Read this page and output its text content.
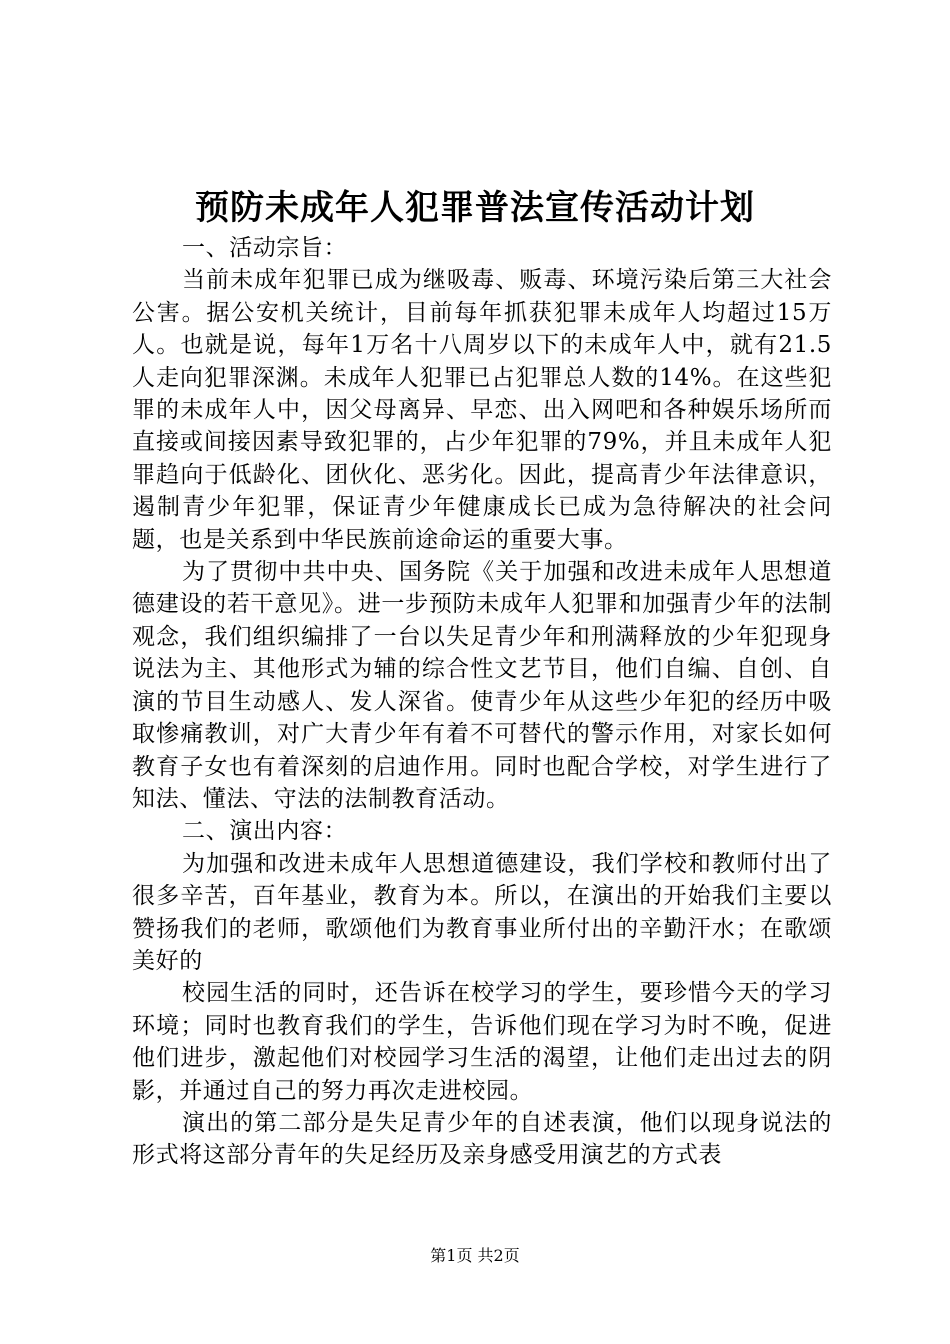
预防未成年人犯罪普法宣传活动计划

一、活动宗旨：

当前未成年犯罪已成为继吸毒、贩毒、环境污染后第三大社会公害。据公安机关统计，目前每年抓获犯罪未成年人均超过15万人。也就是说，每年1万名十八周岁以下的未成年人中，就有21.5人走向犯罪深渊。未成年人犯罪已占犯罪总人数的14%。在这些犯罪的未成年人中，因父母离异、早恋、出入网吧和各种娱乐场所而直接或间接因素导致犯罪的，占少年犯罪的79%，并且未成年人犯罪趋向于低龄化、团伙化、恶劣化。因此，提高青少年法律意识，遏制青少年犯罪，保证青少年健康成长已成为急待解决的社会问题，也是关系到中华民族前途命运的重要大事。

为了贯彻中共中央、国务院《关于加强和改进未成年人思想道德建设的若干意见》。进一步预防未成年人犯罪和加强青少年的法制观念，我们组织编排了一台以失足青少年和刑满释放的少年犯现身说法为主、其他形式为辅的综合性文艺节目，他们自编、自创、自演的节目生动感人、发人深省。使青少年从这些少年犯的经历中吸取惨痛教训，对广大青少年有着不可替代的警示作用，对家长如何教育子女也有着深刻的启迪作用。同时也配合学校，对学生进行了知法、懂法、守法的法制教育活动。

二、演出内容：

为加强和改进未成年人思想道德建设，我们学校和教师付出了很多辛苦，百年基业，教育为本。所以，在演出的开始我们主要以赞扬我们的老师，歌颂他们为教育事业所付出的辛勤汗水；在歌颂美好的

校园生活的同时，还告诉在校学习的学生，要珍惜今天的学习环境；同时也教育我们的学生，告诉他们现在学习为时不晚，促进他们进步，激起他们对校园学习生活的渴望，让他们走出过去的阴影，并通过自己的努力再次走进校园。

演出的第二部分是失足青少年的自述表演，他们以现身说法的形式将这部分青年的失足经历及亲身感受用演艺的方式表

第1页 共2页
